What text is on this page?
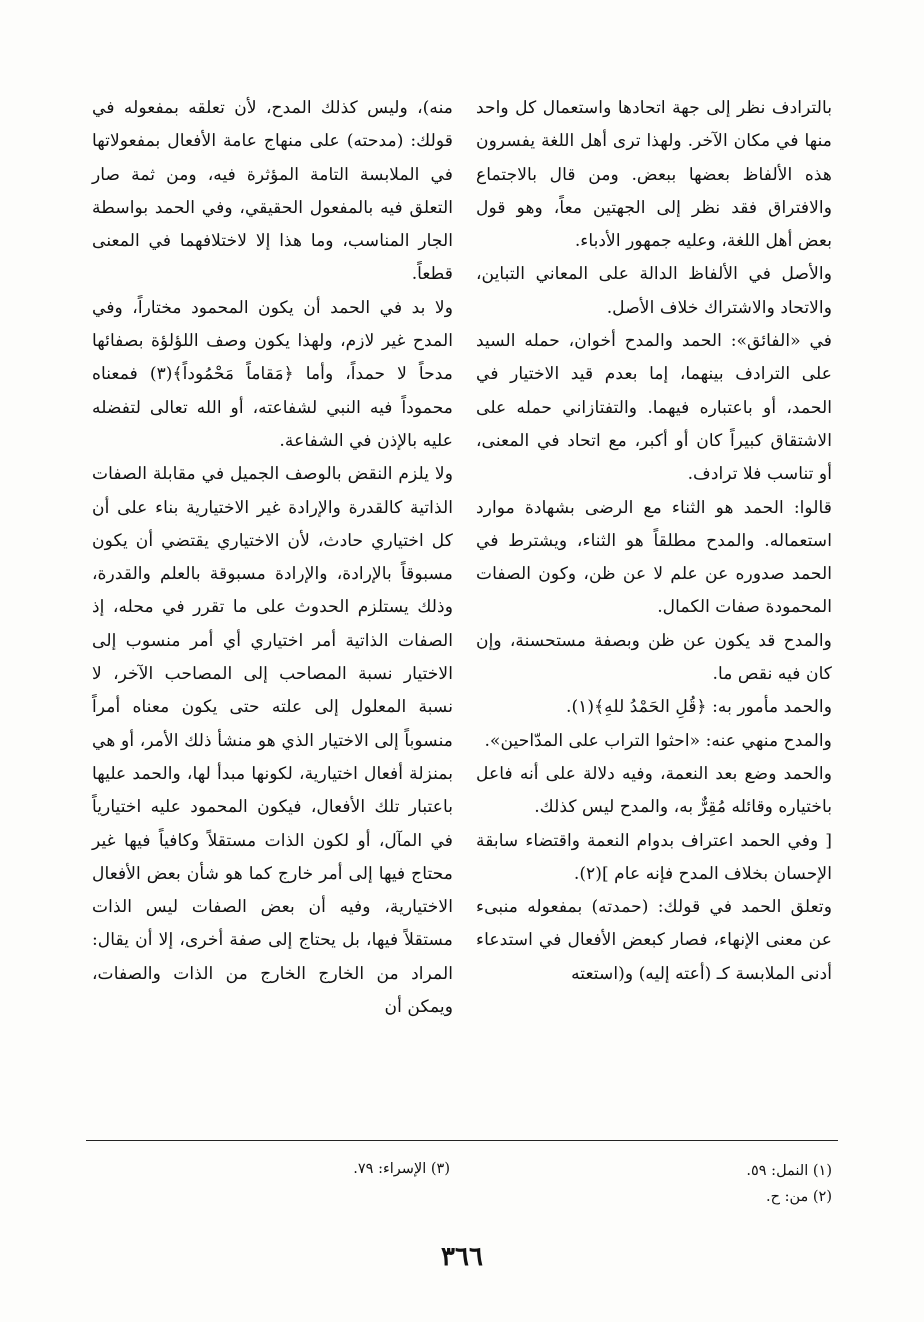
بالترادف نظر إلى جهة اتحادها واستعمال كل واحد منها في مكان الآخر. ولهذا ترى أهل اللغة يفسرون هذه الألفاظ بعضها ببعض. ومن قال بالاجتماع والافتراق فقد نظر إلى الجهتين معاً، وهو قول بعض أهل اللغة، وعليه جمهور الأدباء.

والأصل في الألفاظ الدالة على المعاني التباين، والاتحاد والاشتراك خلاف الأصل.

في «الفائق»: الحمد والمدح أخوان، حمله السيد على الترادف بينهما، إما بعدم قيد الاختيار في الحمد، أو باعتباره فيهما. والتفتازاني حمله على الاشتقاق كبيراً كان أو أكبر، مع اتحاد في المعنى، أو تناسب فلا ترادف.

قالوا: الحمد هو الثناء مع الرضى بشهادة موارد استعماله. والمدح مطلقاً هو الثناء، ويشترط في الحمد صدوره عن علم لا عن ظن، وكون الصفات المحمودة صفات الكمال.

والمدح قد يكون عن ظن وبصفة مستحسنة، وإن كان فيه نقص ما.

والحمد مأمور به: ﴿قُلِ الحَمْدُ للهِ﴾(١).

والمدح منهي عنه: «احثوا التراب على المدّاحين».

والحمد وضع بعد النعمة، وفيه دلالة على أنه فاعل باختياره وقائله مُقِرٌّ به، والمدح ليس كذلك.

[ وفي الحمد اعتراف بدوام النعمة واقتضاء سابقة الإحسان بخلاف المدح فإنه عام ](٢).

وتعلق الحمد في قولك: (حمدته) بمفعوله منبىء عن معنى الإنهاء، فصار كبعض الأفعال في استدعاء أدنى الملابسة كـ (أعته إليه) و(استعته

منه)، وليس كذلك المدح، لأن تعلقه بمفعوله في قولك: (مدحته) على منهاج عامة الأفعال بمفعولاتها في الملابسة التامة المؤثرة فيه، ومن ثمة صار التعلق فيه بالمفعول الحقيقي، وفي الحمد بواسطة الجار المناسب، وما هذا إلا لاختلافهما في المعنى قطعاً.

ولا بد في الحمد أن يكون المحمود مختاراً، وفي المدح غير لازم، ولهذا يكون وصف اللؤلؤة بصفائها مدحاً لا حمداً، وأما ﴿مَقاماً مَحْمُوداً﴾(٣) فمعناه محموداً فيه النبي لشفاعته، أو الله تعالى لتفضله عليه بالإذن في الشفاعة.

ولا يلزم النقض بالوصف الجميل في مقابلة الصفات الذاتية كالقدرة والإرادة غير الاختيارية بناء على أن كل اختياري حادث، لأن الاختياري يقتضي أن يكون مسبوقاً بالإرادة، والإرادة مسبوقة بالعلم والقدرة، وذلك يستلزم الحدوث على ما تقرر في محله، إذ الصفات الذاتية أمر اختياري أي أمر منسوب إلى الاختيار نسبة المصاحب إلى المصاحب الآخر، لا نسبة المعلول إلى علته حتى يكون معناه أمراً منسوباً إلى الاختيار الذي هو منشأ ذلك الأمر، أو هي بمنزلة أفعال اختيارية، لكونها مبدأ لها، والحمد عليها باعتبار تلك الأفعال، فيكون المحمود عليه اختيارياً في المآل، أو لكون الذات مستقلاً وكافياً فيها غير محتاج فيها إلى أمر خارج كما هو شأن بعض الأفعال الاختيارية، وفيه أن بعض الصفات ليس الذات مستقلاً فيها، بل يحتاج إلى صفة أخرى، إلا أن يقال: المراد من الخارج الخارج من الذات والصفات، ويمكن أن

(١) النمل: ٥٩.
(٢) من: ح.
(٣) الإسراء: ٧٩.
٣٦٦
